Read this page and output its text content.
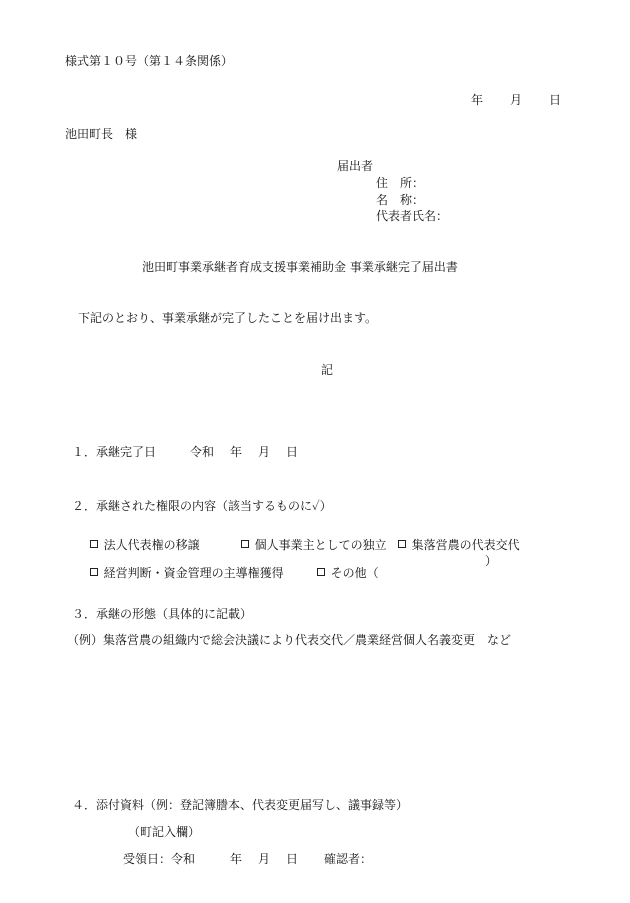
様式第１０号（第１４条関係）
年 月 日
池田町長　様
届出者
住　所：
名　称：
代表者氏名：
池田町事業承継者育成支援事業補助金 事業承継完了届出書
下記のとおり、事業承継が完了したことを届け出ます。
記
１．承継完了日	令和 年 月 日
２．承継された権限の内容（該当するものに✓）

法人代表権の移譲	個人事業主としての独立	集落営農の代表交代

経営判断・資金管理の主導権獲得	その他（

）
３．承継の形態（具体的に記載）
（例）集落営農の組織内で総会決議により代表交代／農業経営個人名義変更　など
４．添付資料（例：登記簿謄本、代表変更届写し、議事録等）
（町記入欄）
受領日：令和	年 月 日 確認者：
